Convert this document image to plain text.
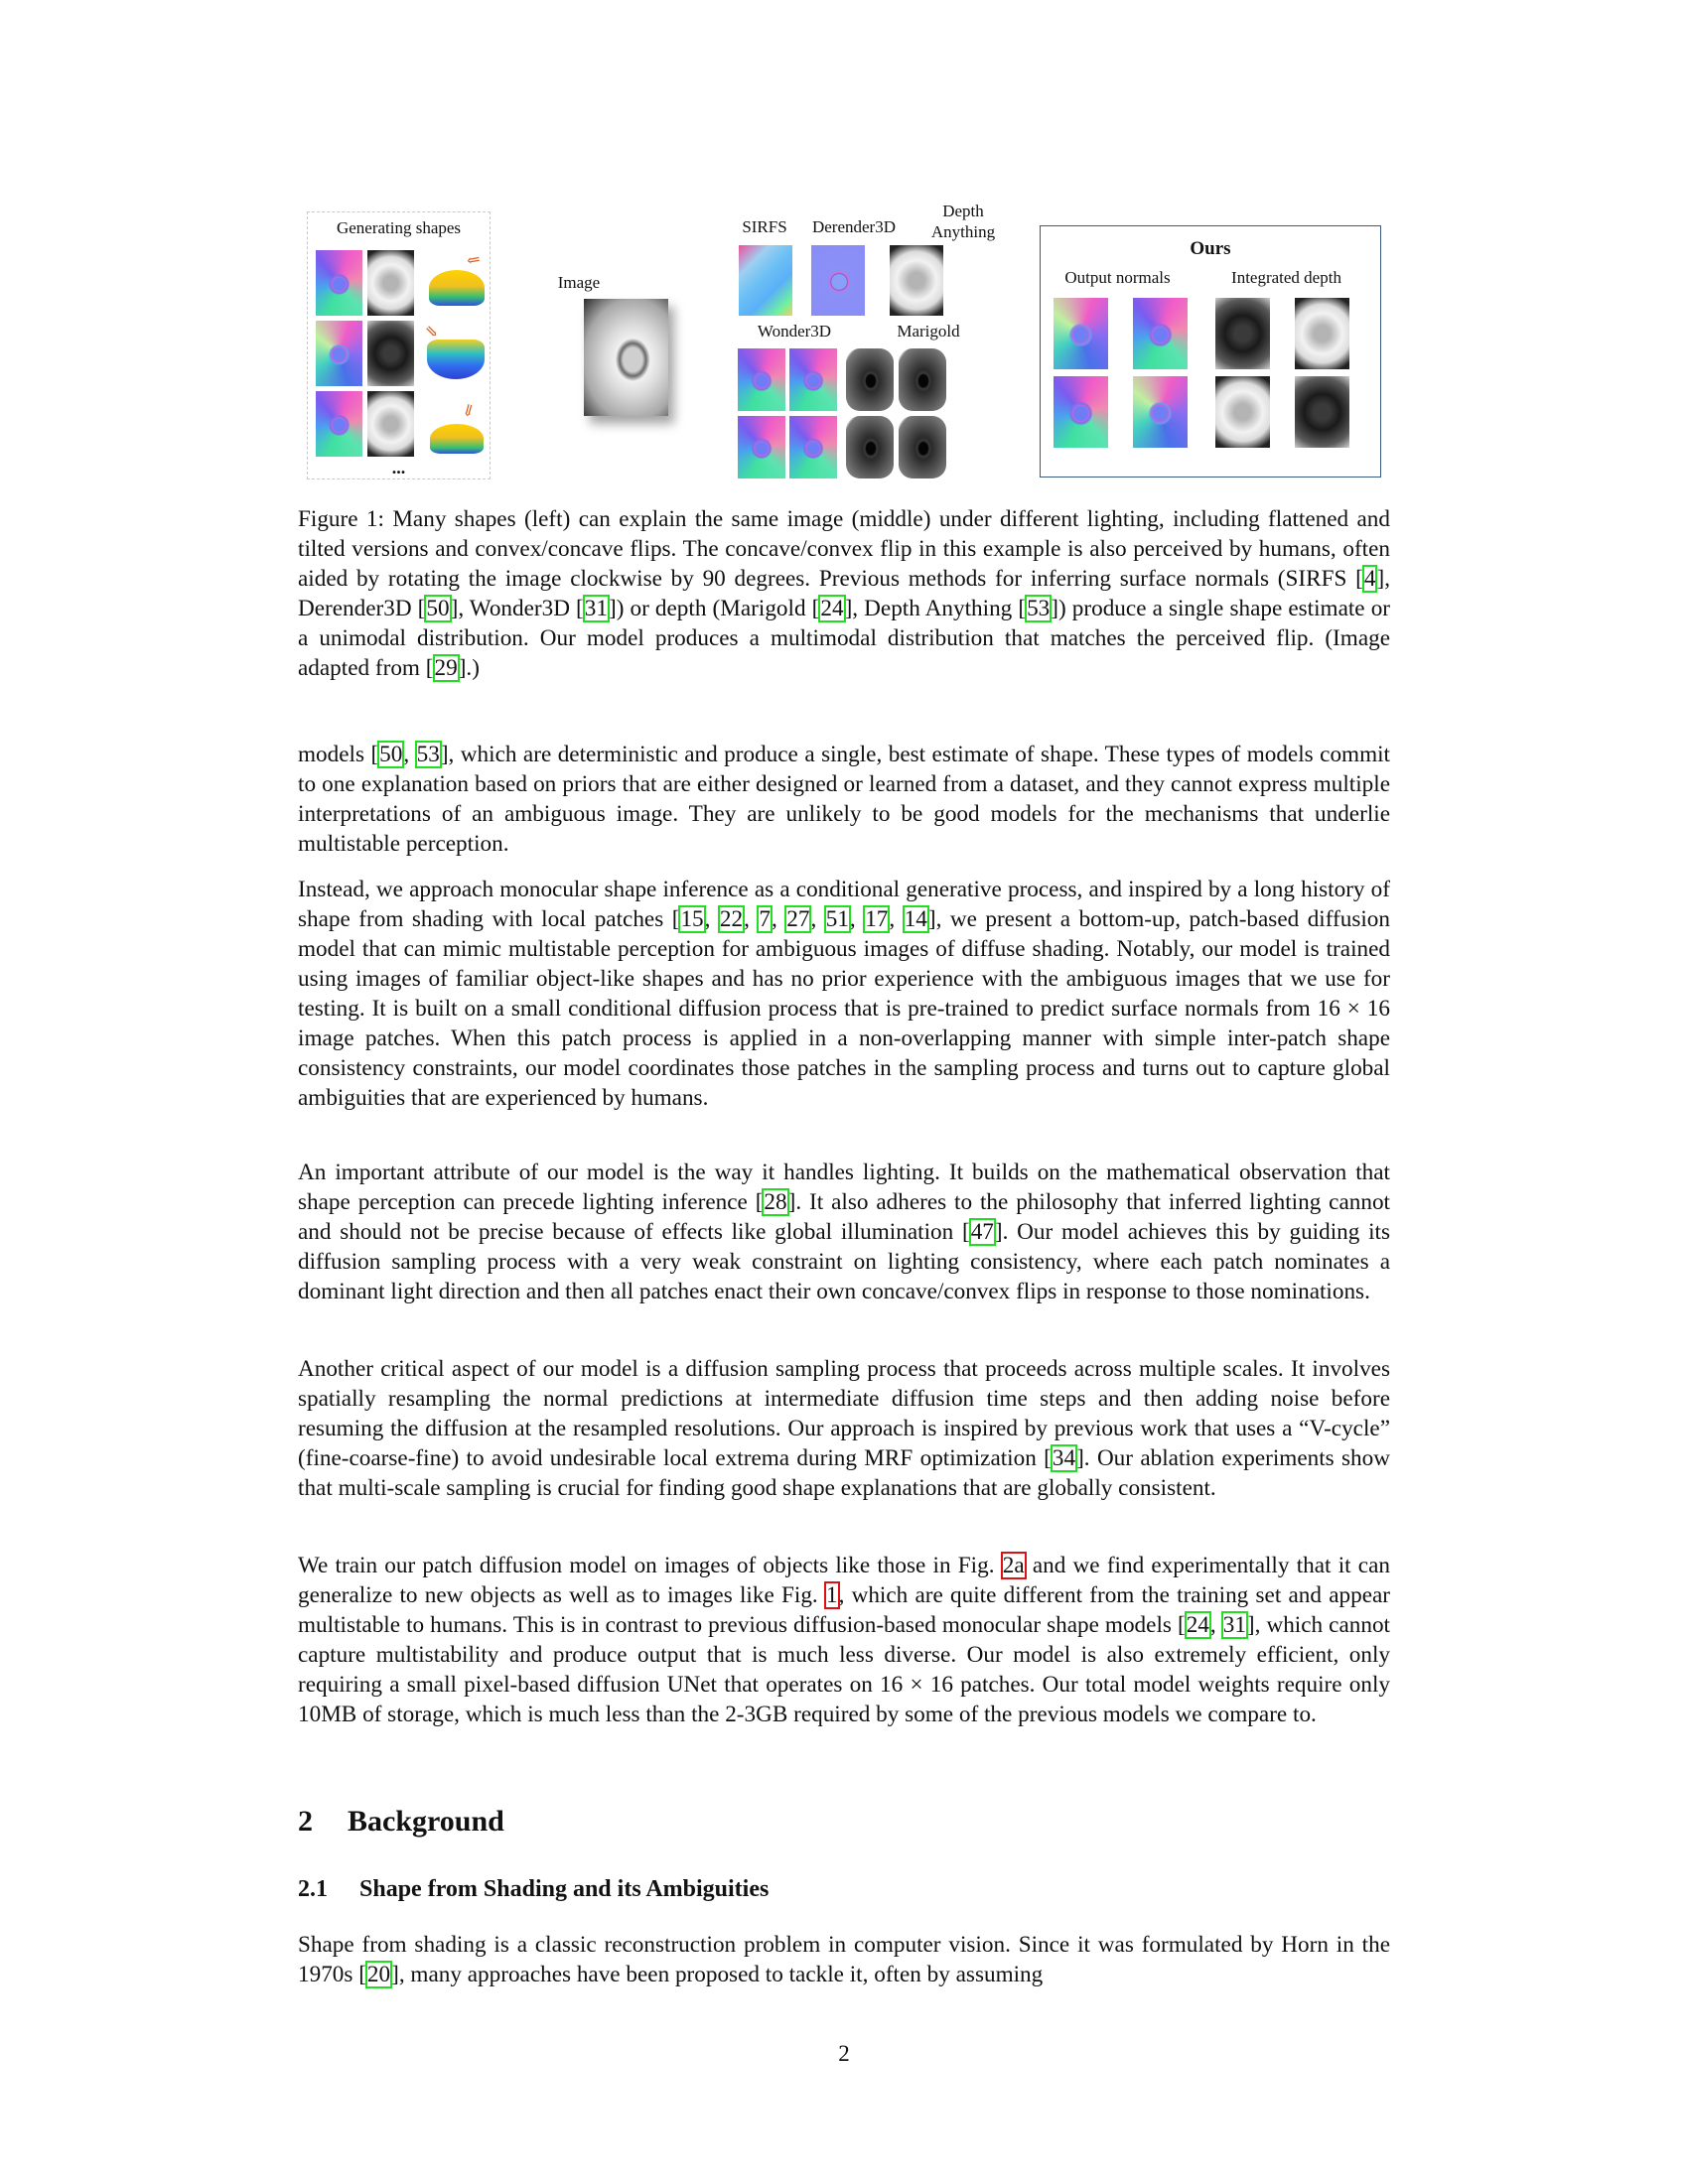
Generating shapes
⇙
⇘
⇓
...
Image
SIRFS	Derender3D
Depth
Anything
Wonder3D	Marigold
Ours
Output normals	Integrated depth

Figure 1: Many shapes (left) can explain the same image (middle) under different lighting, including flattened and tilted versions and convex/concave flips. The concave/convex flip in this example is also perceived by humans, often aided by rotating the image clockwise by 90 degrees. Previous methods for inferring surface normals (SIRFS [4], Derender3D [50], Wonder3D [31]) or depth (Marigold [24], Depth Anything [53]) produce a single shape estimate or a unimodal distribution. Our model produces a multimodal distribution that matches the perceived flip. (Image adapted from [29].)

models [50, 53], which are deterministic and produce a single, best estimate of shape. These types of models commit to one explanation based on priors that are either designed or learned from a dataset, and they cannot express multiple interpretations of an ambiguous image. They are unlikely to be good models for the mechanisms that underlie multistable perception.

Instead, we approach monocular shape inference as a conditional generative process, and inspired by a long history of shape from shading with local patches [15, 22, 7, 27, 51, 17, 14], we present a bottom-up, patch-based diffusion model that can mimic multistable perception for ambiguous images of diffuse shading. Notably, our model is trained using images of familiar object-like shapes and has no prior experience with the ambiguous images that we use for testing. It is built on a small conditional diffusion process that is pre-trained to predict surface normals from 16 × 16 image patches. When this patch process is applied in a non-overlapping manner with simple inter-patch shape consistency constraints, our model coordinates those patches in the sampling process and turns out to capture global ambiguities that are experienced by humans.

An important attribute of our model is the way it handles lighting. It builds on the mathematical observation that shape perception can precede lighting inference [28]. It also adheres to the philosophy that inferred lighting cannot and should not be precise because of effects like global illumination [47]. Our model achieves this by guiding its diffusion sampling process with a very weak constraint on lighting consistency, where each patch nominates a dominant light direction and then all patches enact their own concave/convex flips in response to those nominations.

Another critical aspect of our model is a diffusion sampling process that proceeds across multiple scales. It involves spatially resampling the normal predictions at intermediate diffusion time steps and then adding noise before resuming the diffusion at the resampled resolutions. Our approach is inspired by previous work that uses a “V-cycle” (fine-coarse-fine) to avoid undesirable local extrema during MRF optimization [34]. Our ablation experiments show that multi-scale sampling is crucial for finding good shape explanations that are globally consistent.

We train our patch diffusion model on images of objects like those in Fig. 2a and we find experimentally that it can generalize to new objects as well as to images like Fig. 1, which are quite different from the training set and appear multistable to humans. This is in contrast to previous diffusion-based monocular shape models [24, 31], which cannot capture multistability and produce output that is much less diverse. Our model is also extremely efficient, only requiring a small pixel-based diffusion UNet that operates on 16 × 16 patches. Our total model weights require only 10MB of storage, which is much less than the 2-3GB required by some of the previous models we compare to.

2 Background
2.1 Shape from Shading and its Ambiguities

Shape from shading is a classic reconstruction problem in computer vision. Since it was formulated by Horn in the 1970s [20], many approaches have been proposed to tackle it, often by assuming

2
